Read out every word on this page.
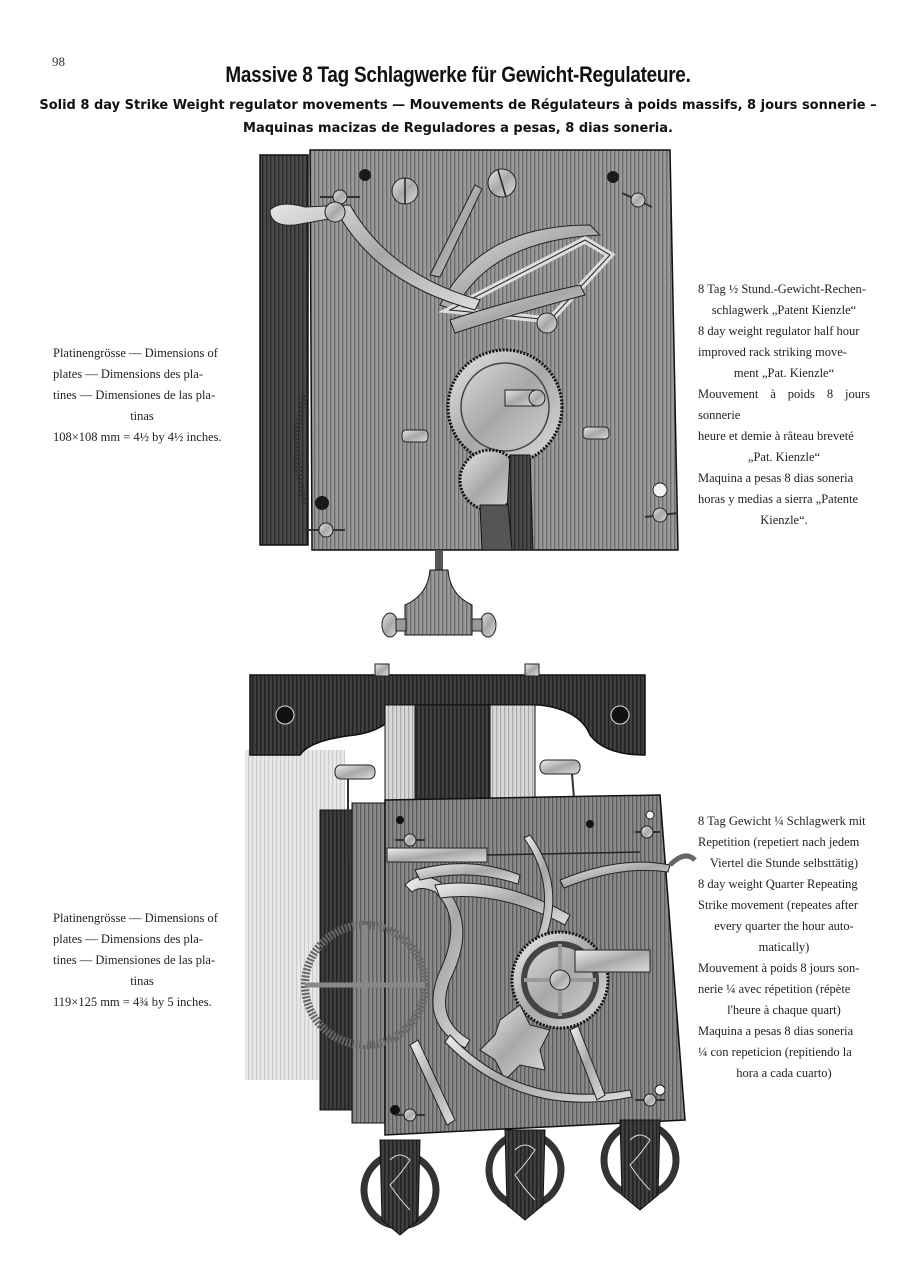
98
Massive 8 Tag Schlagwerke für Gewicht-Regulateure.
Solid 8 day Strike Weight regulator movements — Mouvements de Régulateurs à poids massifs, 8 jours sonnerie –
Maquinas macizas de Reguladores a pesas, 8 dias soneria.
Platinengrösse — Dimensions of
plates — Dimensions des pla-
tines — Dimensiones de las pla-
tinas
108×108 mm = 4½ by 4½ inches.
8 Tag ½ Stund.-Gewicht-Rechen-
schlagwerk „Patent Kienzle“
8 day weight regulator half hour
improved rack striking move-
ment „Pat. Kienzle“
Mouvement à poids 8 jours sonnerie
heure et demie à râteau breveté
„Pat. Kienzle“
Maquina a pesas 8 dias soneria
horas y medias a sierra „Patente
Kienzle“.
Platinengrösse — Dimensions of
plates — Dimensions des pla-
tines — Dimensiones de las pla-
tinas
119×125 mm = 4¾ by 5 inches.
8 Tag Gewicht ¼ Schlagwerk mit
Repetition (repetiert nach jedem
Viertel die Stunde selbsttätig)
8 day weight Quarter Repeating
Strike movement (repeates after
every quarter the hour auto-
matically)
Mouvement à poids 8 jours son-
nerie ¼ avec répetition (répète
l'heure à chaque quart)
Maquina a pesas 8 dias soneria
¼ con repeticion (repitiendo la
hora a cada cuarto)
